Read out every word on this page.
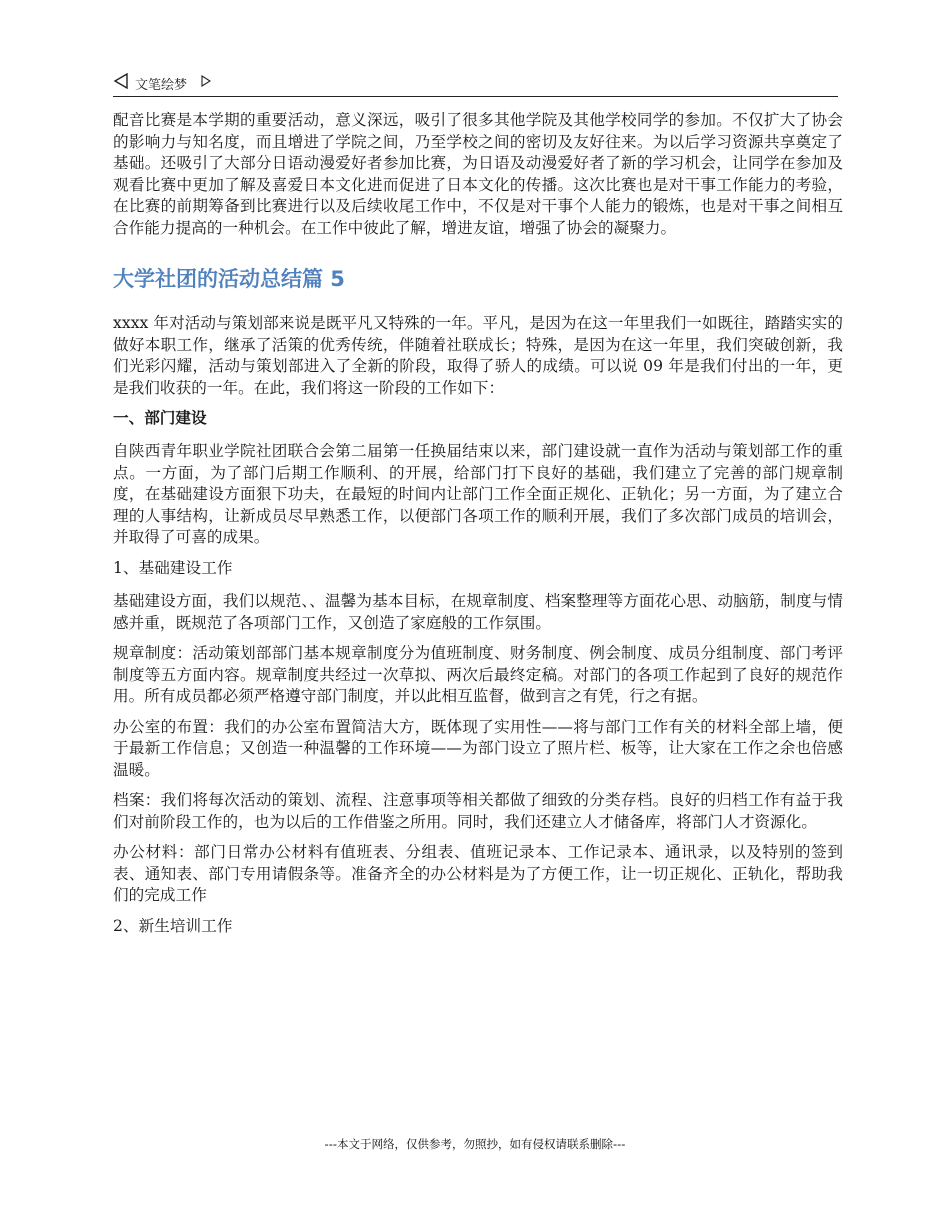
文笔绘梦

配音比赛是本学期的重要活动，意义深远，吸引了很多其他学院及其他学校同学的参加。不仅扩大了协会的影响力与知名度，而且增进了学院之间，乃至学校之间的密切及友好往来。为以后学习资源共享奠定了基础。还吸引了大部分日语动漫爱好者参加比赛，为日语及动漫爱好者了新的学习机会，让同学在参加及观看比赛中更加了解及喜爱日本文化进而促进了日本文化的传播。这次比赛也是对干事工作能力的考验，在比赛的前期筹备到比赛进行以及后续收尾工作中，不仅是对干事个人能力的锻炼，也是对干事之间相互合作能力提高的一种机会。在工作中彼此了解，增进友谊，增强了协会的凝聚力。

大学社团的活动总结篇 5

xxxx 年对活动与策划部来说是既平凡又特殊的一年。平凡，是因为在这一年里我们一如既往，踏踏实实的做好本职工作，继承了活策的优秀传统，伴随着社联成长；特殊，是因为在这一年里，我们突破创新，我们光彩闪耀，活动与策划部进入了全新的阶段，取得了骄人的成绩。可以说 09 年是我们付出的一年，更是我们收获的一年。在此，我们将这一阶段的工作如下：

一、部门建设

自陕西青年职业学院社团联合会第二届第一任换届结束以来，部门建设就一直作为活动与策划部工作的重点。一方面，为了部门后期工作顺利、的开展，给部门打下良好的基础，我们建立了完善的部门规章制度，在基础建设方面狠下功夫，在最短的时间内让部门工作全面正规化、正轨化；另一方面，为了建立合理的人事结构，让新成员尽早熟悉工作，以便部门各项工作的顺利开展，我们了多次部门成员的培训会，并取得了可喜的成果。

1、基础建设工作

基础建设方面，我们以规范、、温馨为基本目标，在规章制度、档案整理等方面花心思、动脑筋，制度与情感并重，既规范了各项部门工作，又创造了家庭般的工作氛围。

规章制度：活动策划部部门基本规章制度分为值班制度、财务制度、例会制度、成员分组制度、部门考评制度等五方面内容。规章制度共经过一次草拟、两次后最终定稿。对部门的各项工作起到了良好的规范作用。所有成员都必须严格遵守部门制度，并以此相互监督，做到言之有凭，行之有据。

办公室的布置：我们的办公室布置简洁大方，既体现了实用性——将与部门工作有关的材料全部上墙，便于最新工作信息；又创造一种温馨的工作环境——为部门设立了照片栏、板等，让大家在工作之余也倍感温暖。

档案：我们将每次活动的策划、流程、注意事项等相关都做了细致的分类存档。良好的归档工作有益于我们对前阶段工作的，也为以后的工作借鉴之所用。同时，我们还建立人才储备库，将部门人才资源化。

办公材料：部门日常办公材料有值班表、分组表、值班记录本、工作记录本、通讯录，以及特别的签到表、通知表、部门专用请假条等。准备齐全的办公材料是为了方便工作，让一切正规化、正轨化，帮助我们的完成工作

2、新生培训工作

---本文于网络，仅供参考，勿照抄，如有侵权请联系删除---
